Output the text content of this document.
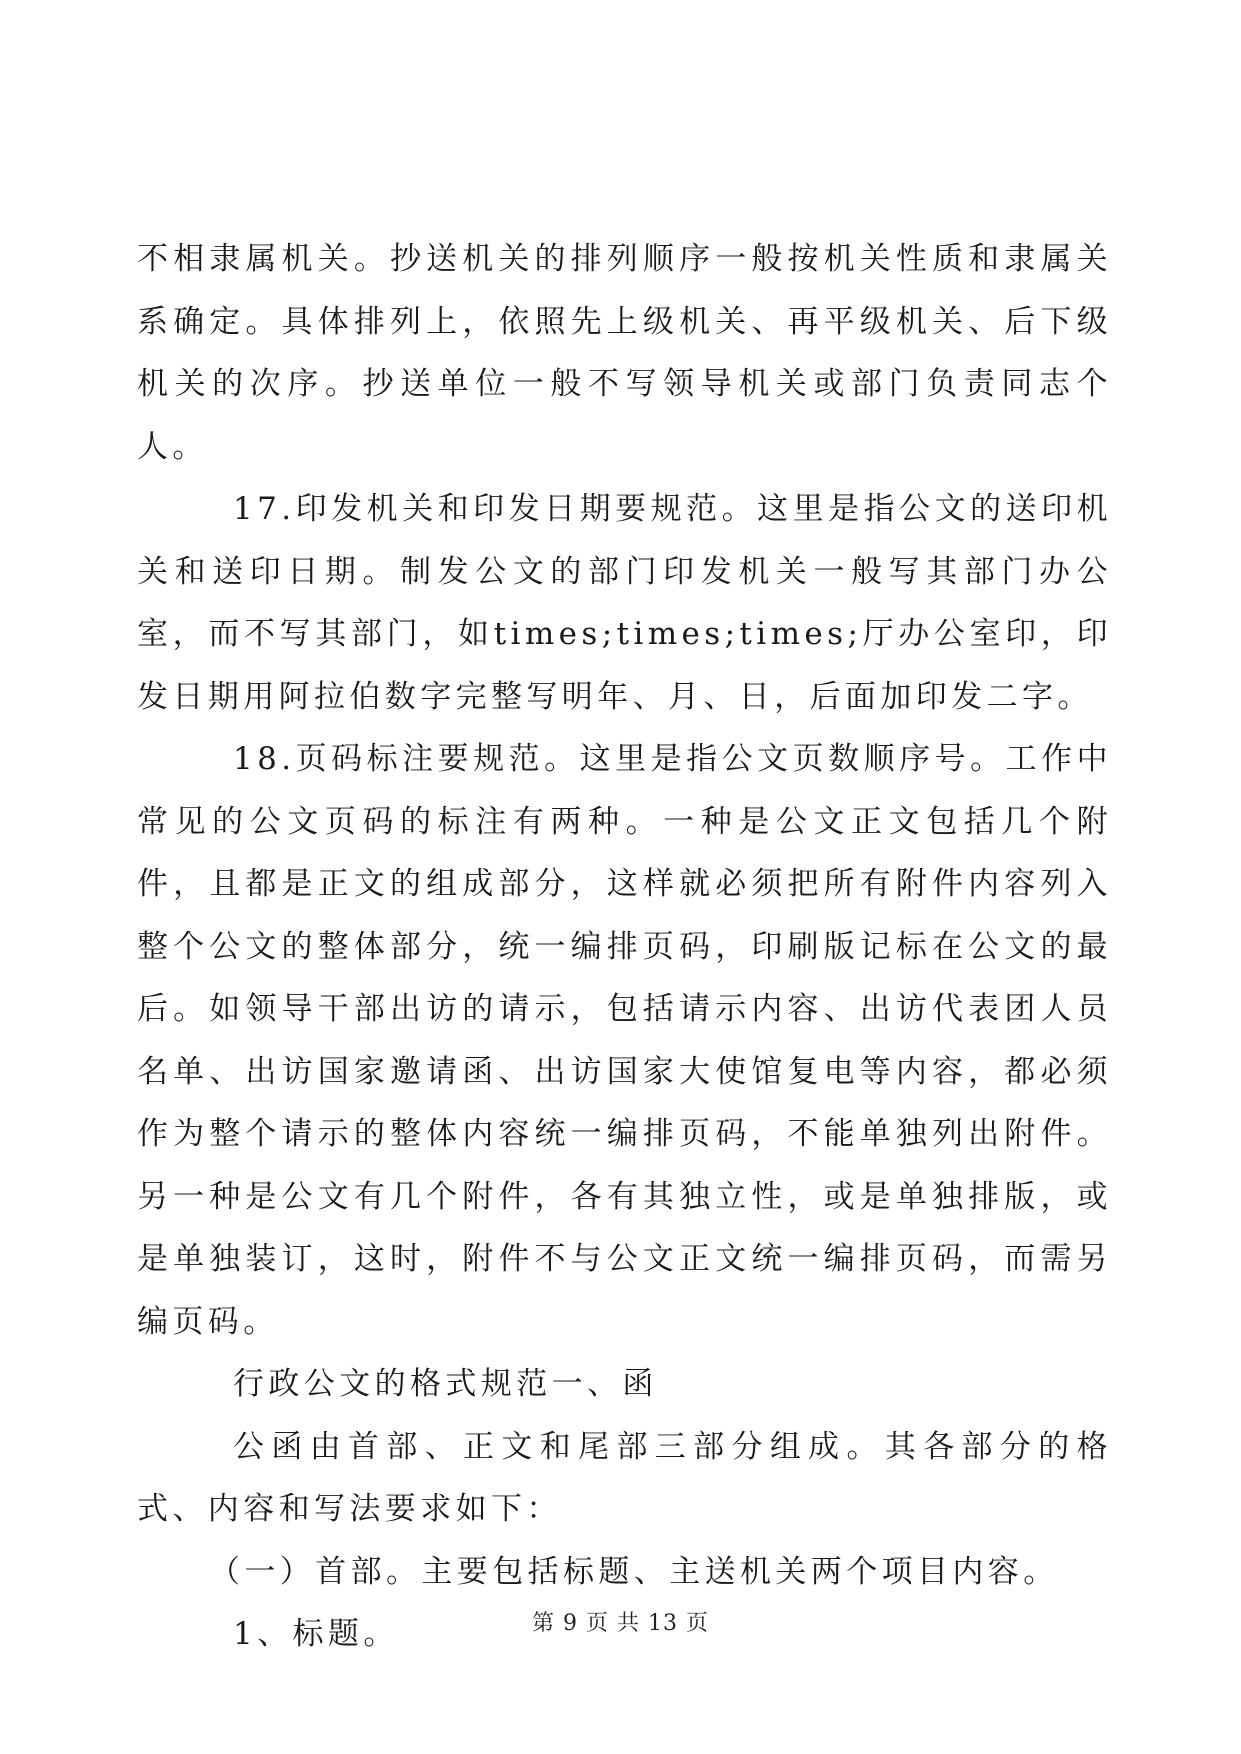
不相隶属机关。抄送机关的排列顺序一般按机关性质和隶属关系确定。具体排列上，依照先上级机关、再平级机关、后下级机关的次序。抄送单位一般不写领导机关或部门负责同志个人。

17.印发机关和印发日期要规范。这里是指公文的送印机关和送印日期。制发公文的部门印发机关一般写其部门办公室，而不写其部门，如times;times;times;厅办公室印，印发日期用阿拉伯数字完整写明年、月、日，后面加印发二字。

18.页码标注要规范。这里是指公文页数顺序号。工作中常见的公文页码的标注有两种。一种是公文正文包括几个附件，且都是正文的组成部分，这样就必须把所有附件内容列入整个公文的整体部分，统一编排页码，印刷版记标在公文的最后。如领导干部出访的请示，包括请示内容、出访代表团人员名单、出访国家邀请函、出访国家大使馆复电等内容，都必须作为整个请示的整体内容统一编排页码，不能单独列出附件。另一种是公文有几个附件，各有其独立性，或是单独排版，或是单独装订，这时，附件不与公文正文统一编排页码，而需另编页码。

行政公文的格式规范一、函

公函由首部、正文和尾部三部分组成。其各部分的格式、内容和写法要求如下：

（一）首部。主要包括标题、主送机关两个项目内容。

1、标题。	第 9 页 共 13 页
